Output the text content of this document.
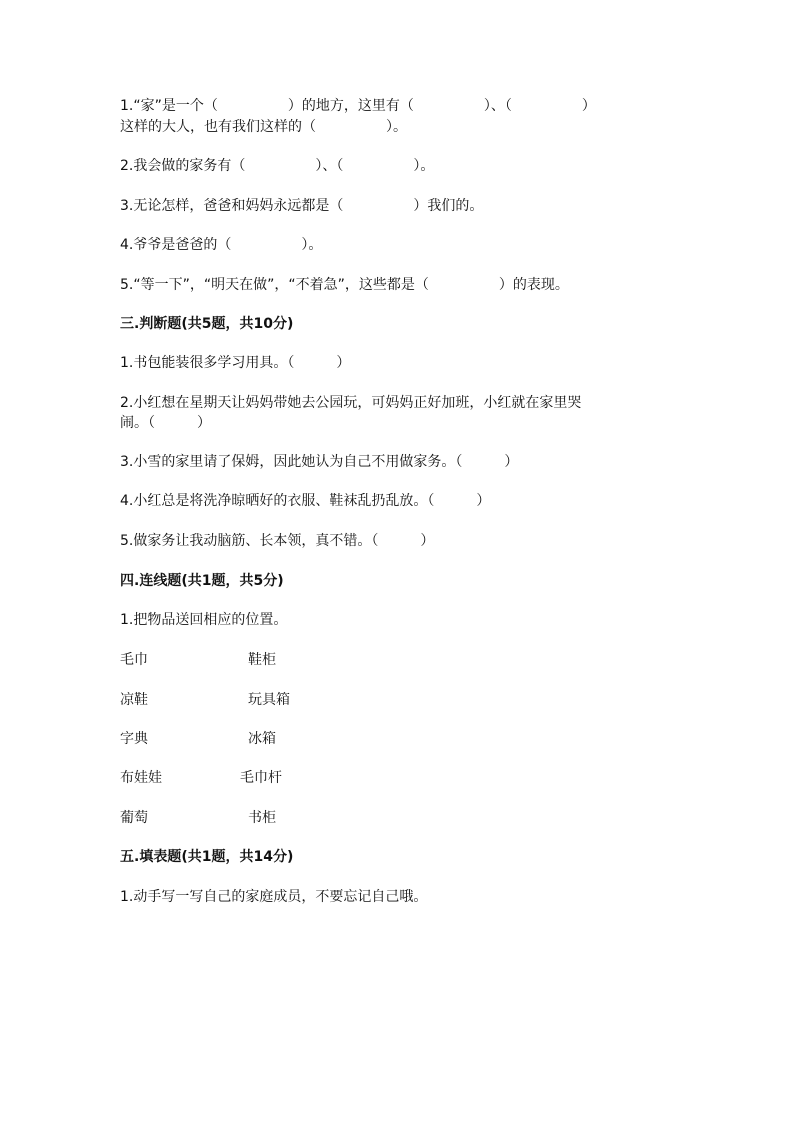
1.“家”是一个（　　　　　）的地方，这里有（　　　　　）、（　　　　　）
这样的大人，也有我们这样的（　　　　　）。
2.我会做的家务有（　　　　　）、（　　　　　）。
3.无论怎样，爸爸和妈妈永远都是（　　　　　）我们的。
4.爷爷是爸爸的（　　　　　）。
5.“等一下”，“明天在做”，“不着急”，这些都是（　　　　　）的表现。
三.判断题(共5题，共10分)
1.书包能装很多学习用具。（　　　）
2.小红想在星期天让妈妈带她去公园玩，可妈妈正好加班，小红就在家里哭
闹。（　　　）
3.小雪的家里请了保姆，因此她认为自己不用做家务。（　　　）
4.小红总是将洗净晾晒好的衣服、鞋袜乱扔乱放。（　　　）
5.做家务让我动脑筋、长本领，真不错。（　　　）
四.连线题(共1题，共5分)
1.把物品送回相应的位置。
毛巾	鞋柜
凉鞋	玩具箱
字典	冰箱
布娃娃	毛巾杆
葡萄	书柜
五.填表题(共1题，共14分)
1.动手写一写自己的家庭成员，不要忘记自己哦。
